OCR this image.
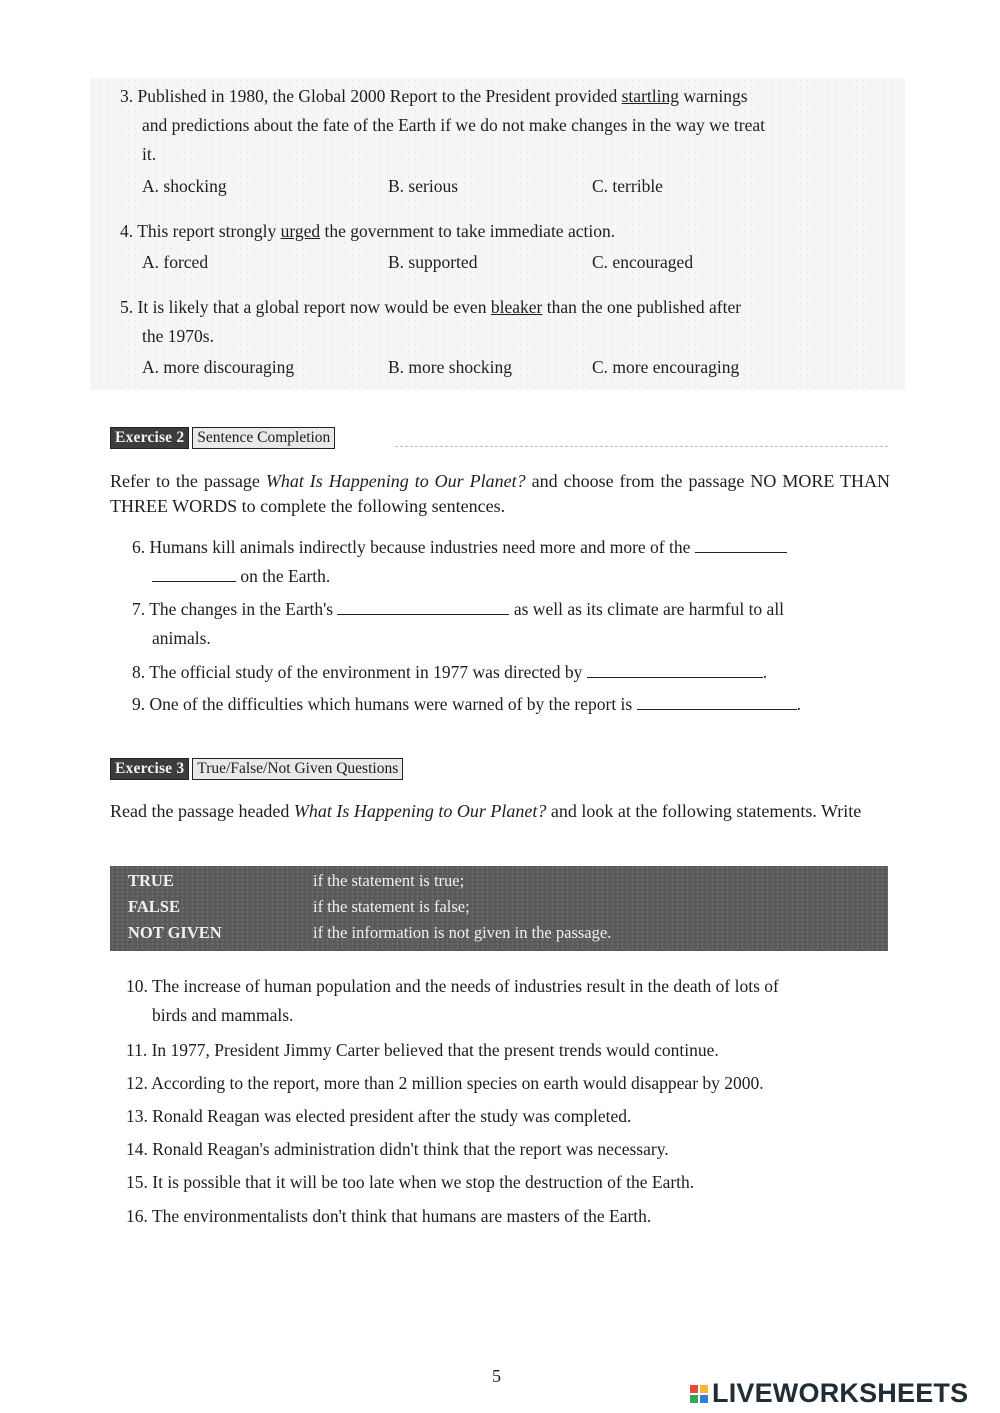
3. Published in 1980, the Global 2000 Report to the President provided startling warnings
and predictions about the fate of the Earth if we do not make changes in the way we treat
it.
A. shocking	B. serious	C. terrible
4. This report strongly urged the government to take immediate action.
A. forced	B. supported	C. encouraged
5. It is likely that a global report now would be even bleaker than the one published after
the 1970s.
A. more discouraging	B. more shocking	C. more encouraging
Exercise 2 Sentence Completion
Refer to the passage What Is Happening to Our Planet? and choose from the passage NO MORE THAN THREE WORDS to complete the following sentences.
6. Humans kill animals indirectly because industries need more and more of the
on the Earth.
7. The changes in the Earth's	as well as its climate are harmful to all
animals.
8. The official study of the environment in 1977 was directed by	.
9. One of the difficulties which humans were warned of by the report is	.
Exercise 3 True/False/Not Given Questions
Read the passage headed What Is Happening to Our Planet? and look at the following statements. Write
TRUE	if the statement is true;
FALSE	if the statement is false;
NOT GIVEN	if the information is not given in the passage.
10. The increase of human population and the needs of industries result in the death of lots of
birds and mammals.
11. In 1977, President Jimmy Carter believed that the present trends would continue.
12. According to the report, more than 2 million species on earth would disappear by 2000.
13. Ronald Reagan was elected president after the study was completed.
14. Ronald Reagan's administration didn't think that the report was necessary.
15. It is possible that it will be too late when we stop the destruction of the Earth.
16. The environmentalists don't think that humans are masters of the Earth.
5
LIVEWORKSHEETS
